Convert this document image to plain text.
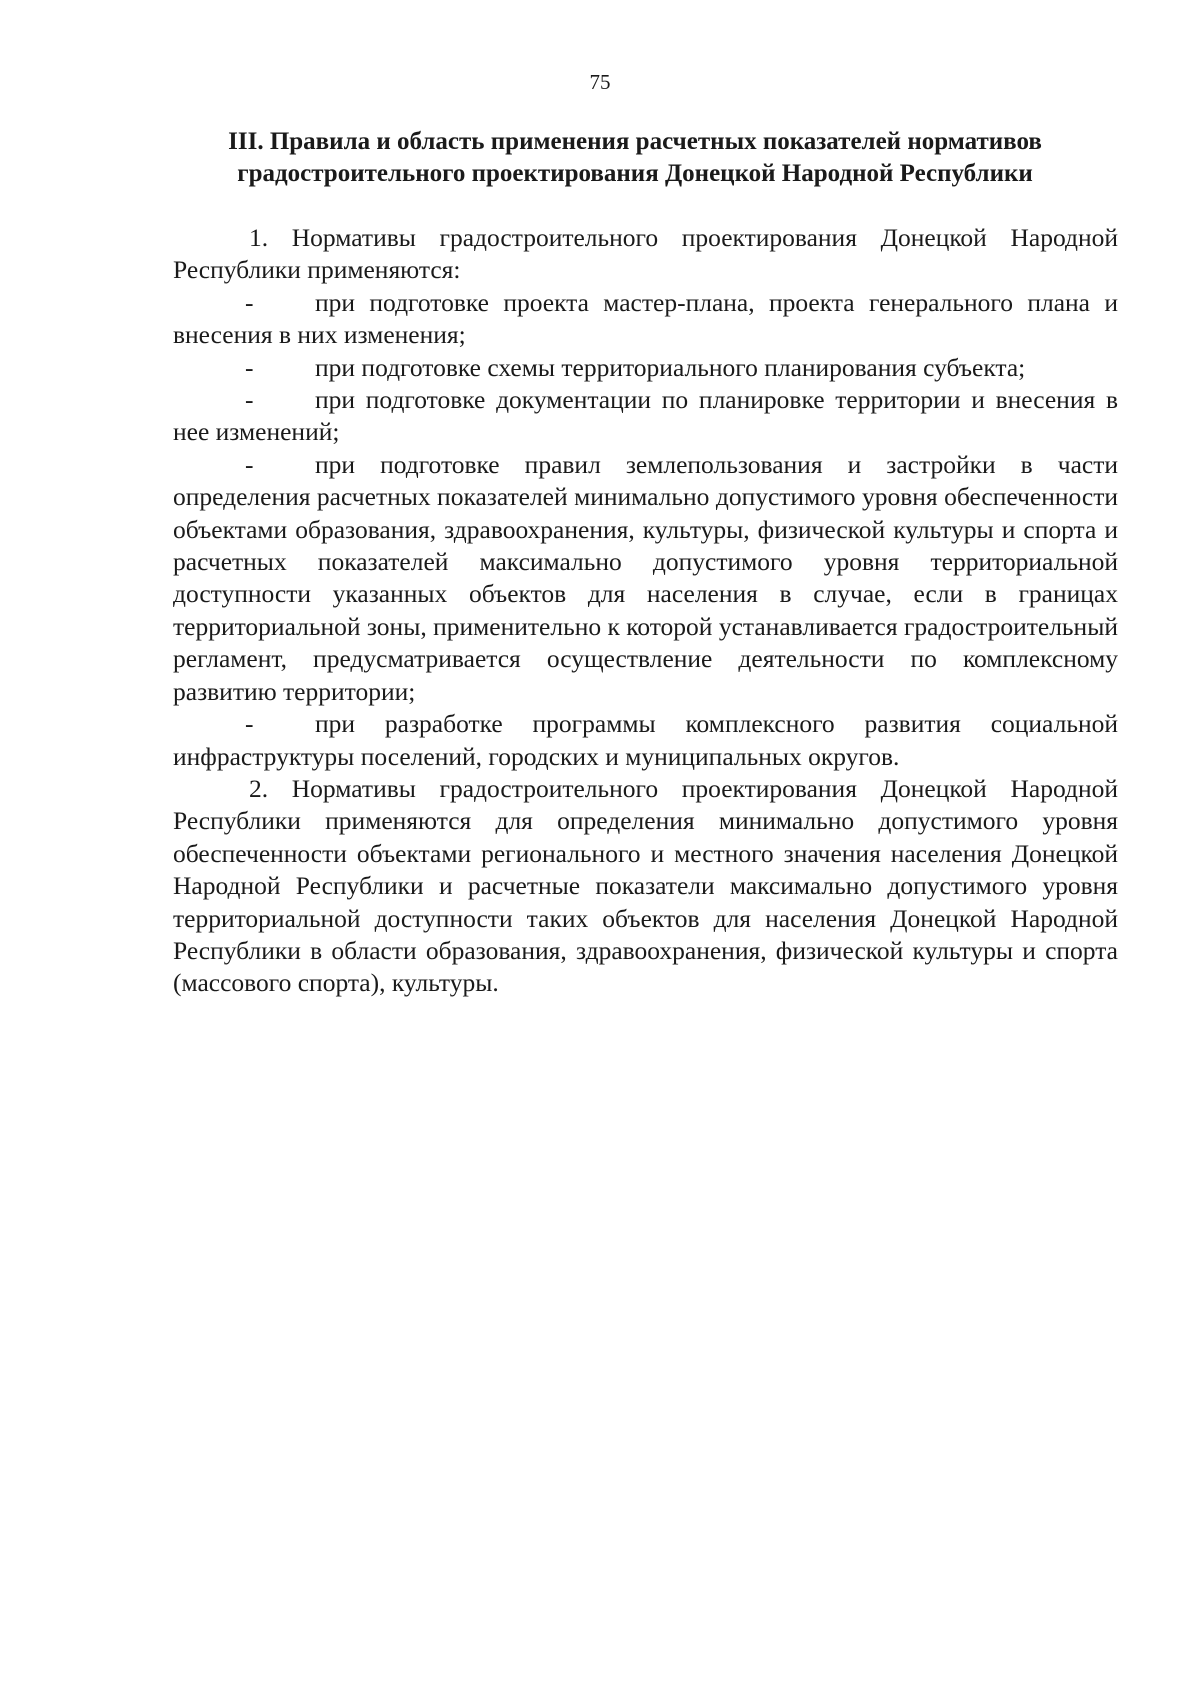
75
III. Правила и область применения расчетных показателей нормативов
градостроительного проектирования Донецкой Народной Республики

1. Нормативы градостроительного проектирования Донецкой Народной Республики применяются:

- при подготовке проекта мастер-плана, проекта генерального плана и внесения в них изменения;

- при подготовке схемы территориального планирования субъекта;

- при подготовке документации по планировке территории и внесения в нее изменений;

- при подготовке правил землепользования и застройки в части определения расчетных показателей минимально допустимого уровня обеспеченности объектами образования, здравоохранения, культуры, физической культуры и спорта и расчетных показателей максимально допустимого уровня территориальной доступности указанных объектов для населения в случае, если в границах территориальной зоны, применительно к которой устанавливается градостроительный регламент, предусматривается осуществление деятельности по комплексному развитию территории;

- при разработке программы комплексного развития социальной инфраструктуры поселений, городских и муниципальных округов.

2. Нормативы градостроительного проектирования Донецкой Народной Республики применяются для определения минимально допустимого уровня обеспеченности объектами регионального и местного значения населения Донецкой Народной Республики и расчетные показатели максимально допустимого уровня территориальной доступности таких объектов для населения Донецкой Народной Республики в области образования, здравоохранения, физической культуры и спорта (массового спорта), культуры.
